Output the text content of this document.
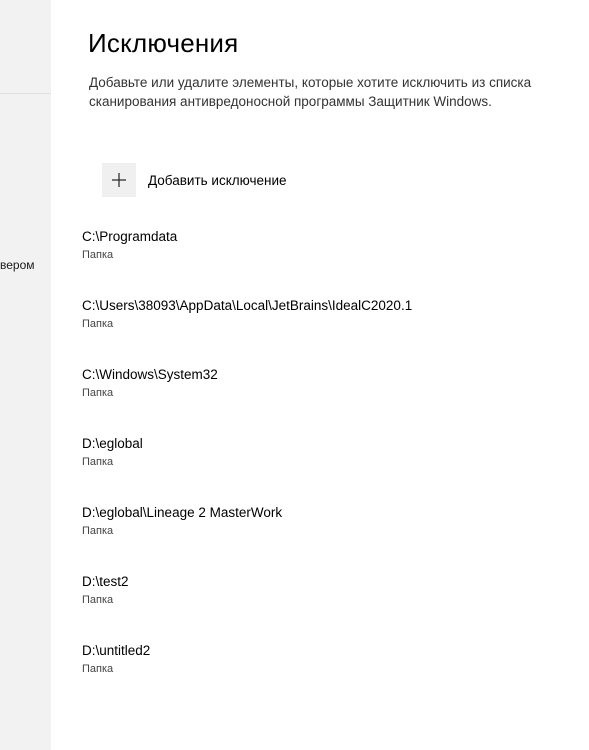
вером
Исключения

Добавьте или удалите элементы, которые хотите исключить из списка сканирования антивредоносной программы Защитник Windows.

Добавить исключение
C:\Programdata
Папка
C:\Users\38093\AppData\Local\JetBrains\IdealC2020.1
Папка
C:\Windows\System32
Папка
D:\eglobal
Папка
D:\eglobal\Lineage 2 MasterWork
Папка
D:\test2
Папка
D:\untitled2
Папка
